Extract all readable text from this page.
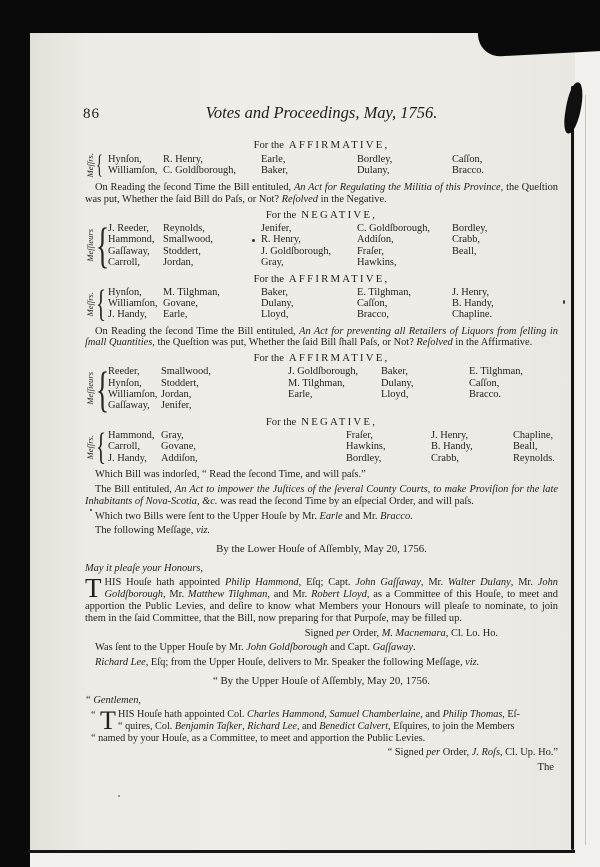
86	Votes and Proceedings, May, 1756.
For the AFFIRMATIVE,
Meſſrs. { Hynſon,	R. Henry,	Earle,	Bordley,	Caſſon,
Williamſon, C. Goldſborough,	Baker,	Dulany,	Bracco.
On Reading the ſecond Time the Bill entituled, An Act for Regulating the Militia of this Province, the Queſtion was put, Whether the ſaid Bill do Paſs, or Not? Reſolved in the Negative.
For the NEGATIVE,
Meſſieurs {
J. Reeder,	Reynolds,	Jenifer,	C. Goldſborough,	Bordley,
Hammond, Smallwood,	R. Henry,	Addiſon,	Crabb,
Gaſſaway,	Stoddert,	J. Goldſborough,	Fraſer,	Beall,
Carroll,	Jordan,	Gray,	Hawkins,
For the AFFIRMATIVE,
Meſſrs. { Hynſon,	M. Tilghman,	Baker,	E. Tilghman,	J. Henry,
Williamſon, Govane,	Dulany,	Caſſon,	B. Handy,
J. Handy,	Earle,	Lloyd,	Bracco,	Chapline.
On Reading the ſecond Time the Bill entituled, An Act for preventing all Retailers of Liquors from ſelling in ſmall Quantities, the Queſtion was put, Whether the ſaid Bill ſhall Paſs, or Not? Reſolved in the Affirmative.
For the AFFIRMATIVE,
Meſſieurs {
Reeder,	Smallwood,	J. Goldſborough,	Baker,	E. Tilghman,
Hynſon,	Stoddert,	M. Tilghman,	Dulany,	Caſſon,
Williamſon, Jordan,	Earle,	Lloyd,	Bracco.
Gaſſaway,	Jenifer,
For the NEGATIVE,
Meſſrs. { Hammond, Gray,	Fraſer,	J. Henry,	Chapline,
Carroll,	Govane,	Hawkins,	B. Handy,	Beall,
J. Handy,	Addiſon,	Bordley,	Crabb,	Reynolds.
Which Bill was indorſed, “ Read the ſecond Time, and will paſs.”
The Bill entituled, An Act to impower the Juſtices of the ſeveral County Courts, to make Proviſion for the late Inhabitants of Nova-Scotia, &c. was read the ſecond Time by an eſpecial Order, and will paſs.
Which two Bills were ſent to the Upper Houſe by Mr. Earle and Mr. Bracco.
The following Meſſage, viz.
By the Lower Houſe of Aſſembly, May 20, 1756.
May it pleaſe your Honours,
THIS Houſe hath appointed Philip Hammond, Eſq; Capt. John Gaſſaway, Mr. Walter Dulany, Mr. John Goldſborough, Mr. Matthew Tilghman, and Mr. Robert Lloyd, as a Committee of this Houſe, to meet and apportion the Public Levies, and deſire to know what Members your Honours will pleaſe to nominate, to join them in the ſaid Committee, that the Bill, now preparing for that Purpoſe, may be filled up.
Signed per Order, M. Macnemara, Cl. Lo. Ho.
Was ſent to the Upper Houſe by Mr. John Goldſborough and Capt. Gaſſaway.
Richard Lee, Eſq; from the Upper Houſe, delivers to Mr. Speaker the following Meſſage, viz.
“ By the Upper Houſe of Aſſembly, May 20, 1756.
“ Gentlemen,
“ T HIS Houſe hath appointed Col. Charles Hammond, Samuel Chamberlaine, and Philip Thomas, Eſ-
“ quires, Col. Benjamin Taſker, Richard Lee, and Benedict Calvert, Eſquires, to join the Members
“ named by your Houſe, as a Committee, to meet and apportion the Public Levies.
“ Signed per Order, J. Roſs, Cl. Up. Ho.”
The
